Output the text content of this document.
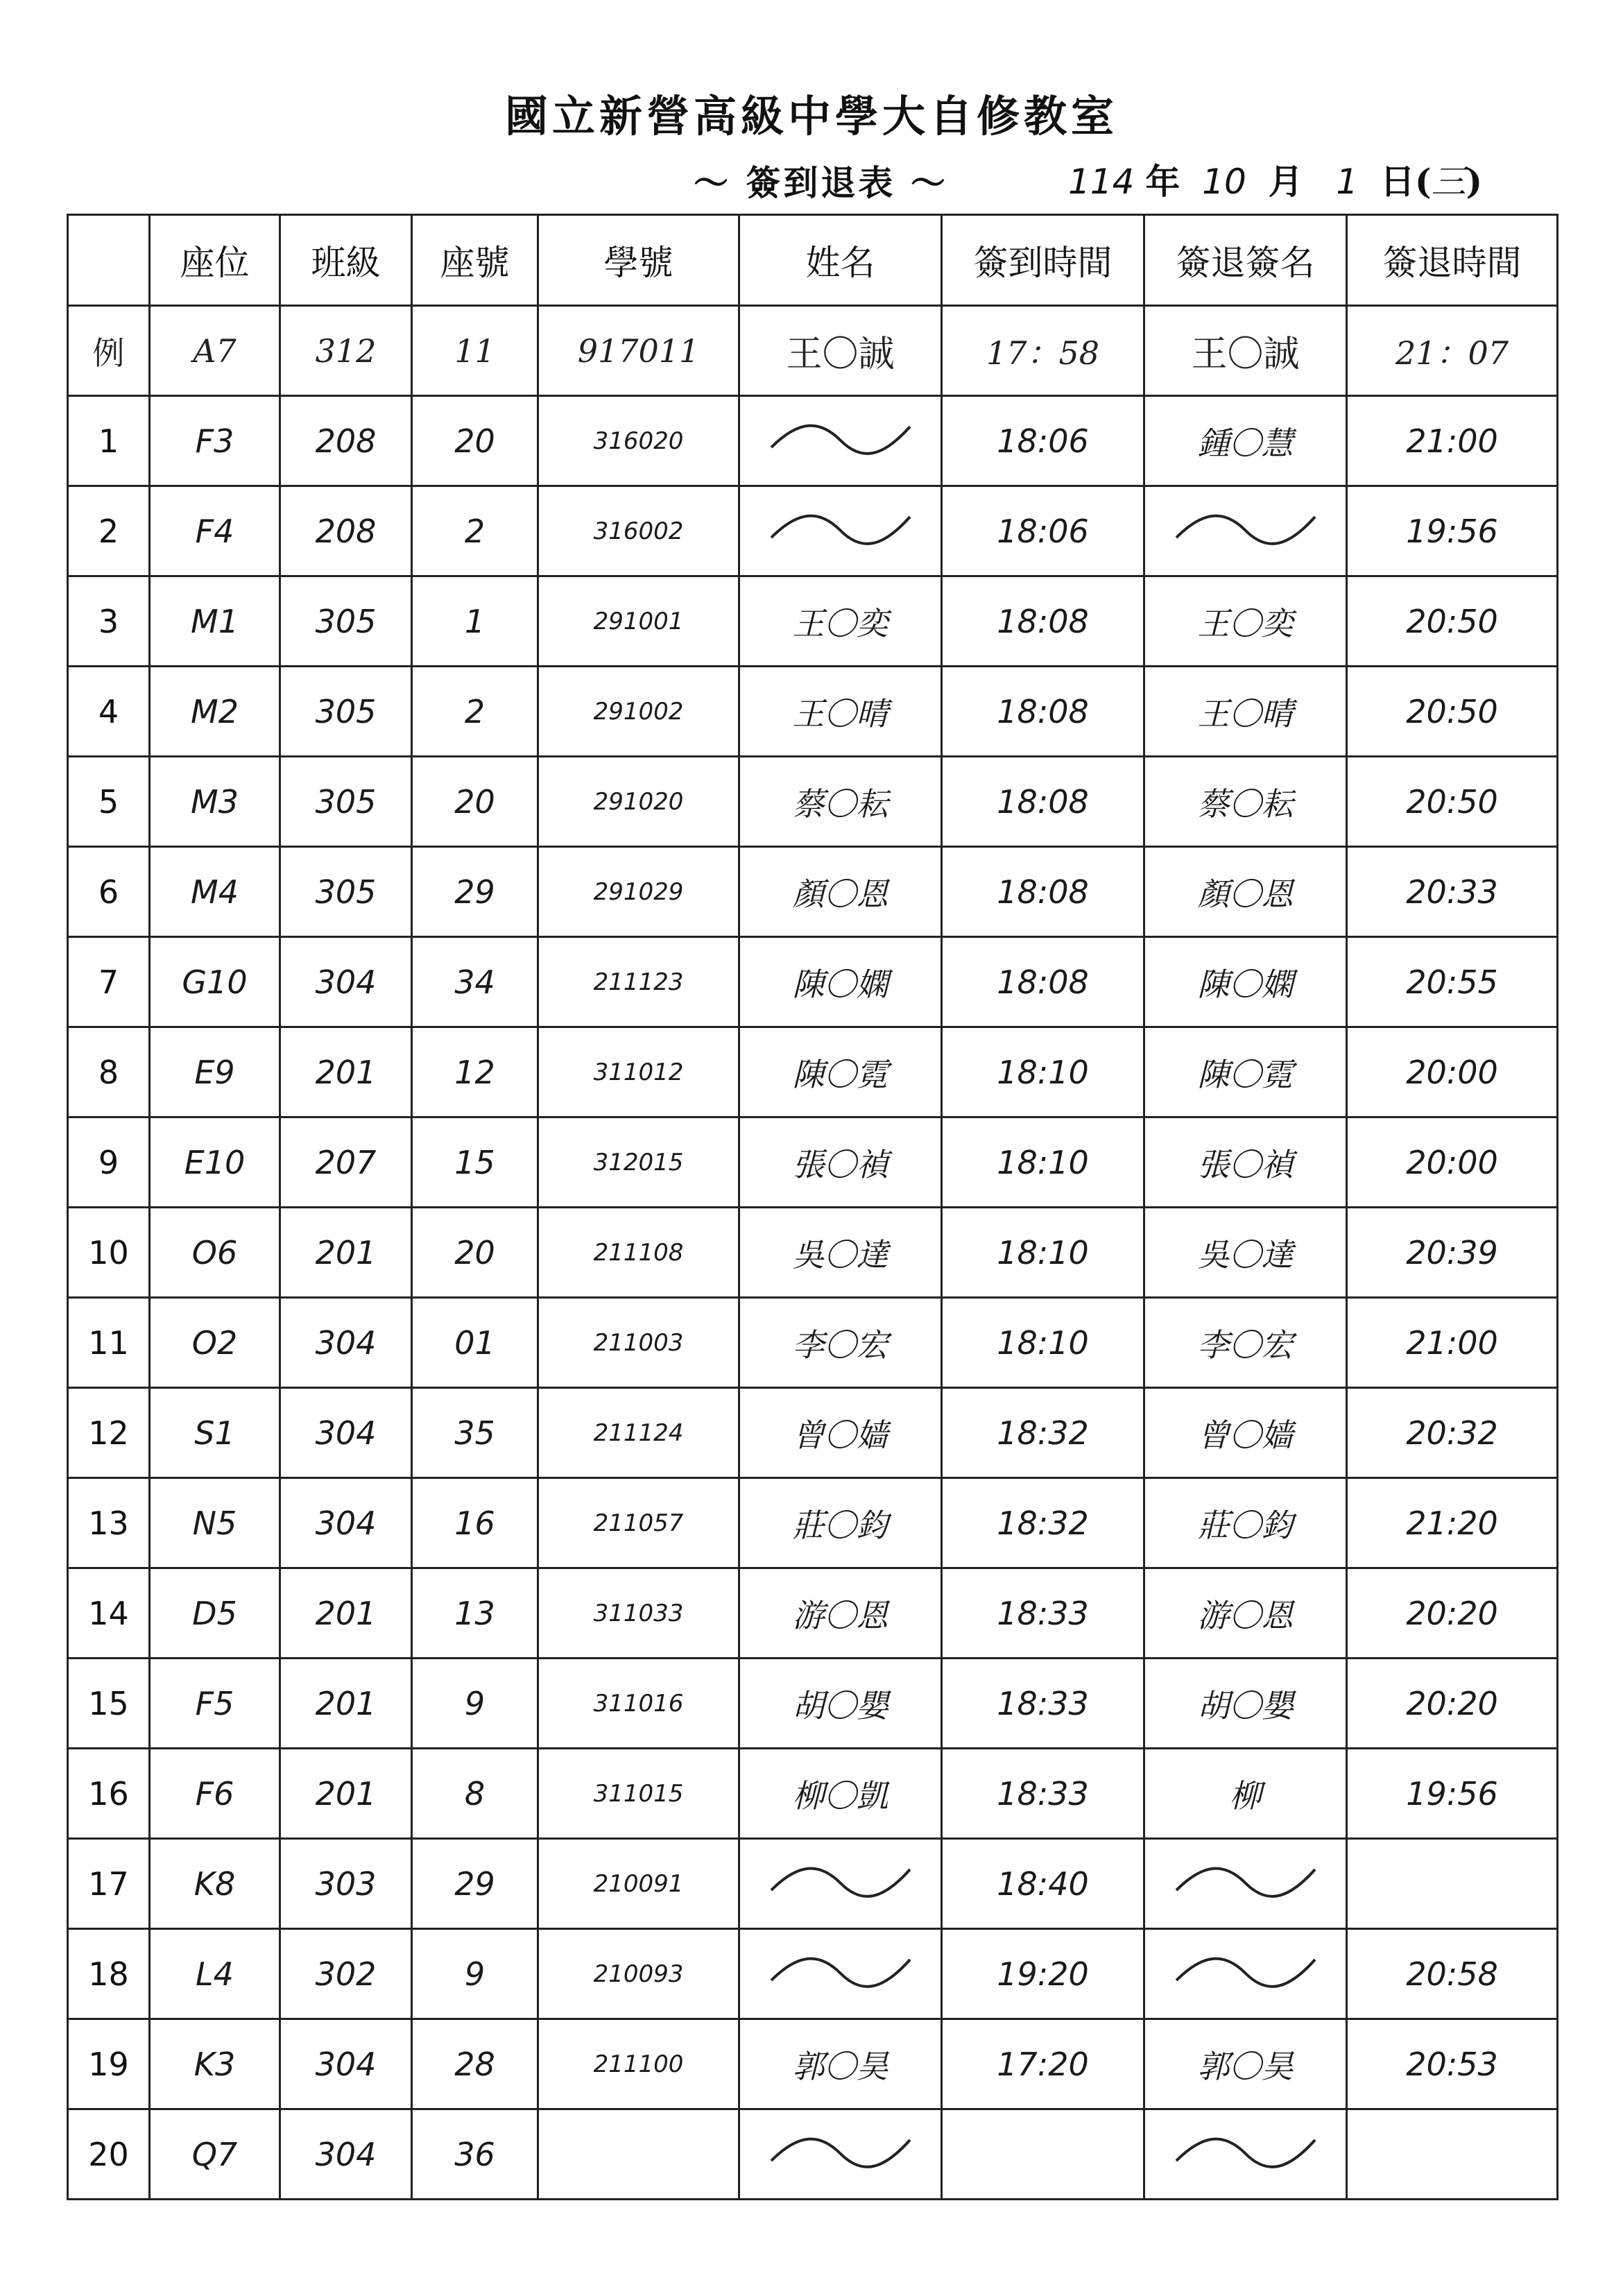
國立新營高級中學大自修教室
～ 簽到退表 ～	114 年 10 月 1 日(三)
	座位	班級	座號	學號	姓名	簽到時間	簽退簽名	簽退時間
例	A7	312	11	917011	王〇誠	17：58	王〇誠	21：07
1	F3	208	20	316020		18:06	鍾〇慧	21:00
2	F4	208	2	316002		18:06		19:56
3	M1	305	1	291001	王〇奕	18:08	王〇奕	20:50
4	M2	305	2	291002	王〇晴	18:08	王〇晴	20:50
5	M3	305	20	291020	蔡〇耘	18:08	蔡〇耘	20:50
6	M4	305	29	291029	顏〇恩	18:08	顏〇恩	20:33
7	G10	304	34	211123	陳〇嫻	18:08	陳〇嫻	20:55
8	E9	201	12	311012	陳〇霓	18:10	陳〇霓	20:00
9	E10	207	15	312015	張〇禎	18:10	張〇禎	20:00
10	O6	201	20	211108	吳〇達	18:10	吳〇達	20:39
11	O2	304	01	211003	李〇宏	18:10	李〇宏	21:00
12	S1	304	35	211124	曾〇嫱	18:32	曾〇嫱	20:32
13	N5	304	16	211057	莊〇鈞	18:32	莊〇鈞	21:20
14	D5	201	13	311033	游〇恩	18:33	游〇恩	20:20
15	F5	201	9	311016	胡〇嬰	18:33	胡〇嬰	20:20
16	F6	201	8	311015	柳〇凱	18:33	柳	19:56
17	K8	303	29	210091		18:40		
18	L4	302	9	210093		19:20		20:58
19	K3	304	28	211100	郭〇昊	17:20	郭〇昊	20:53
20	Q7	304	36					
